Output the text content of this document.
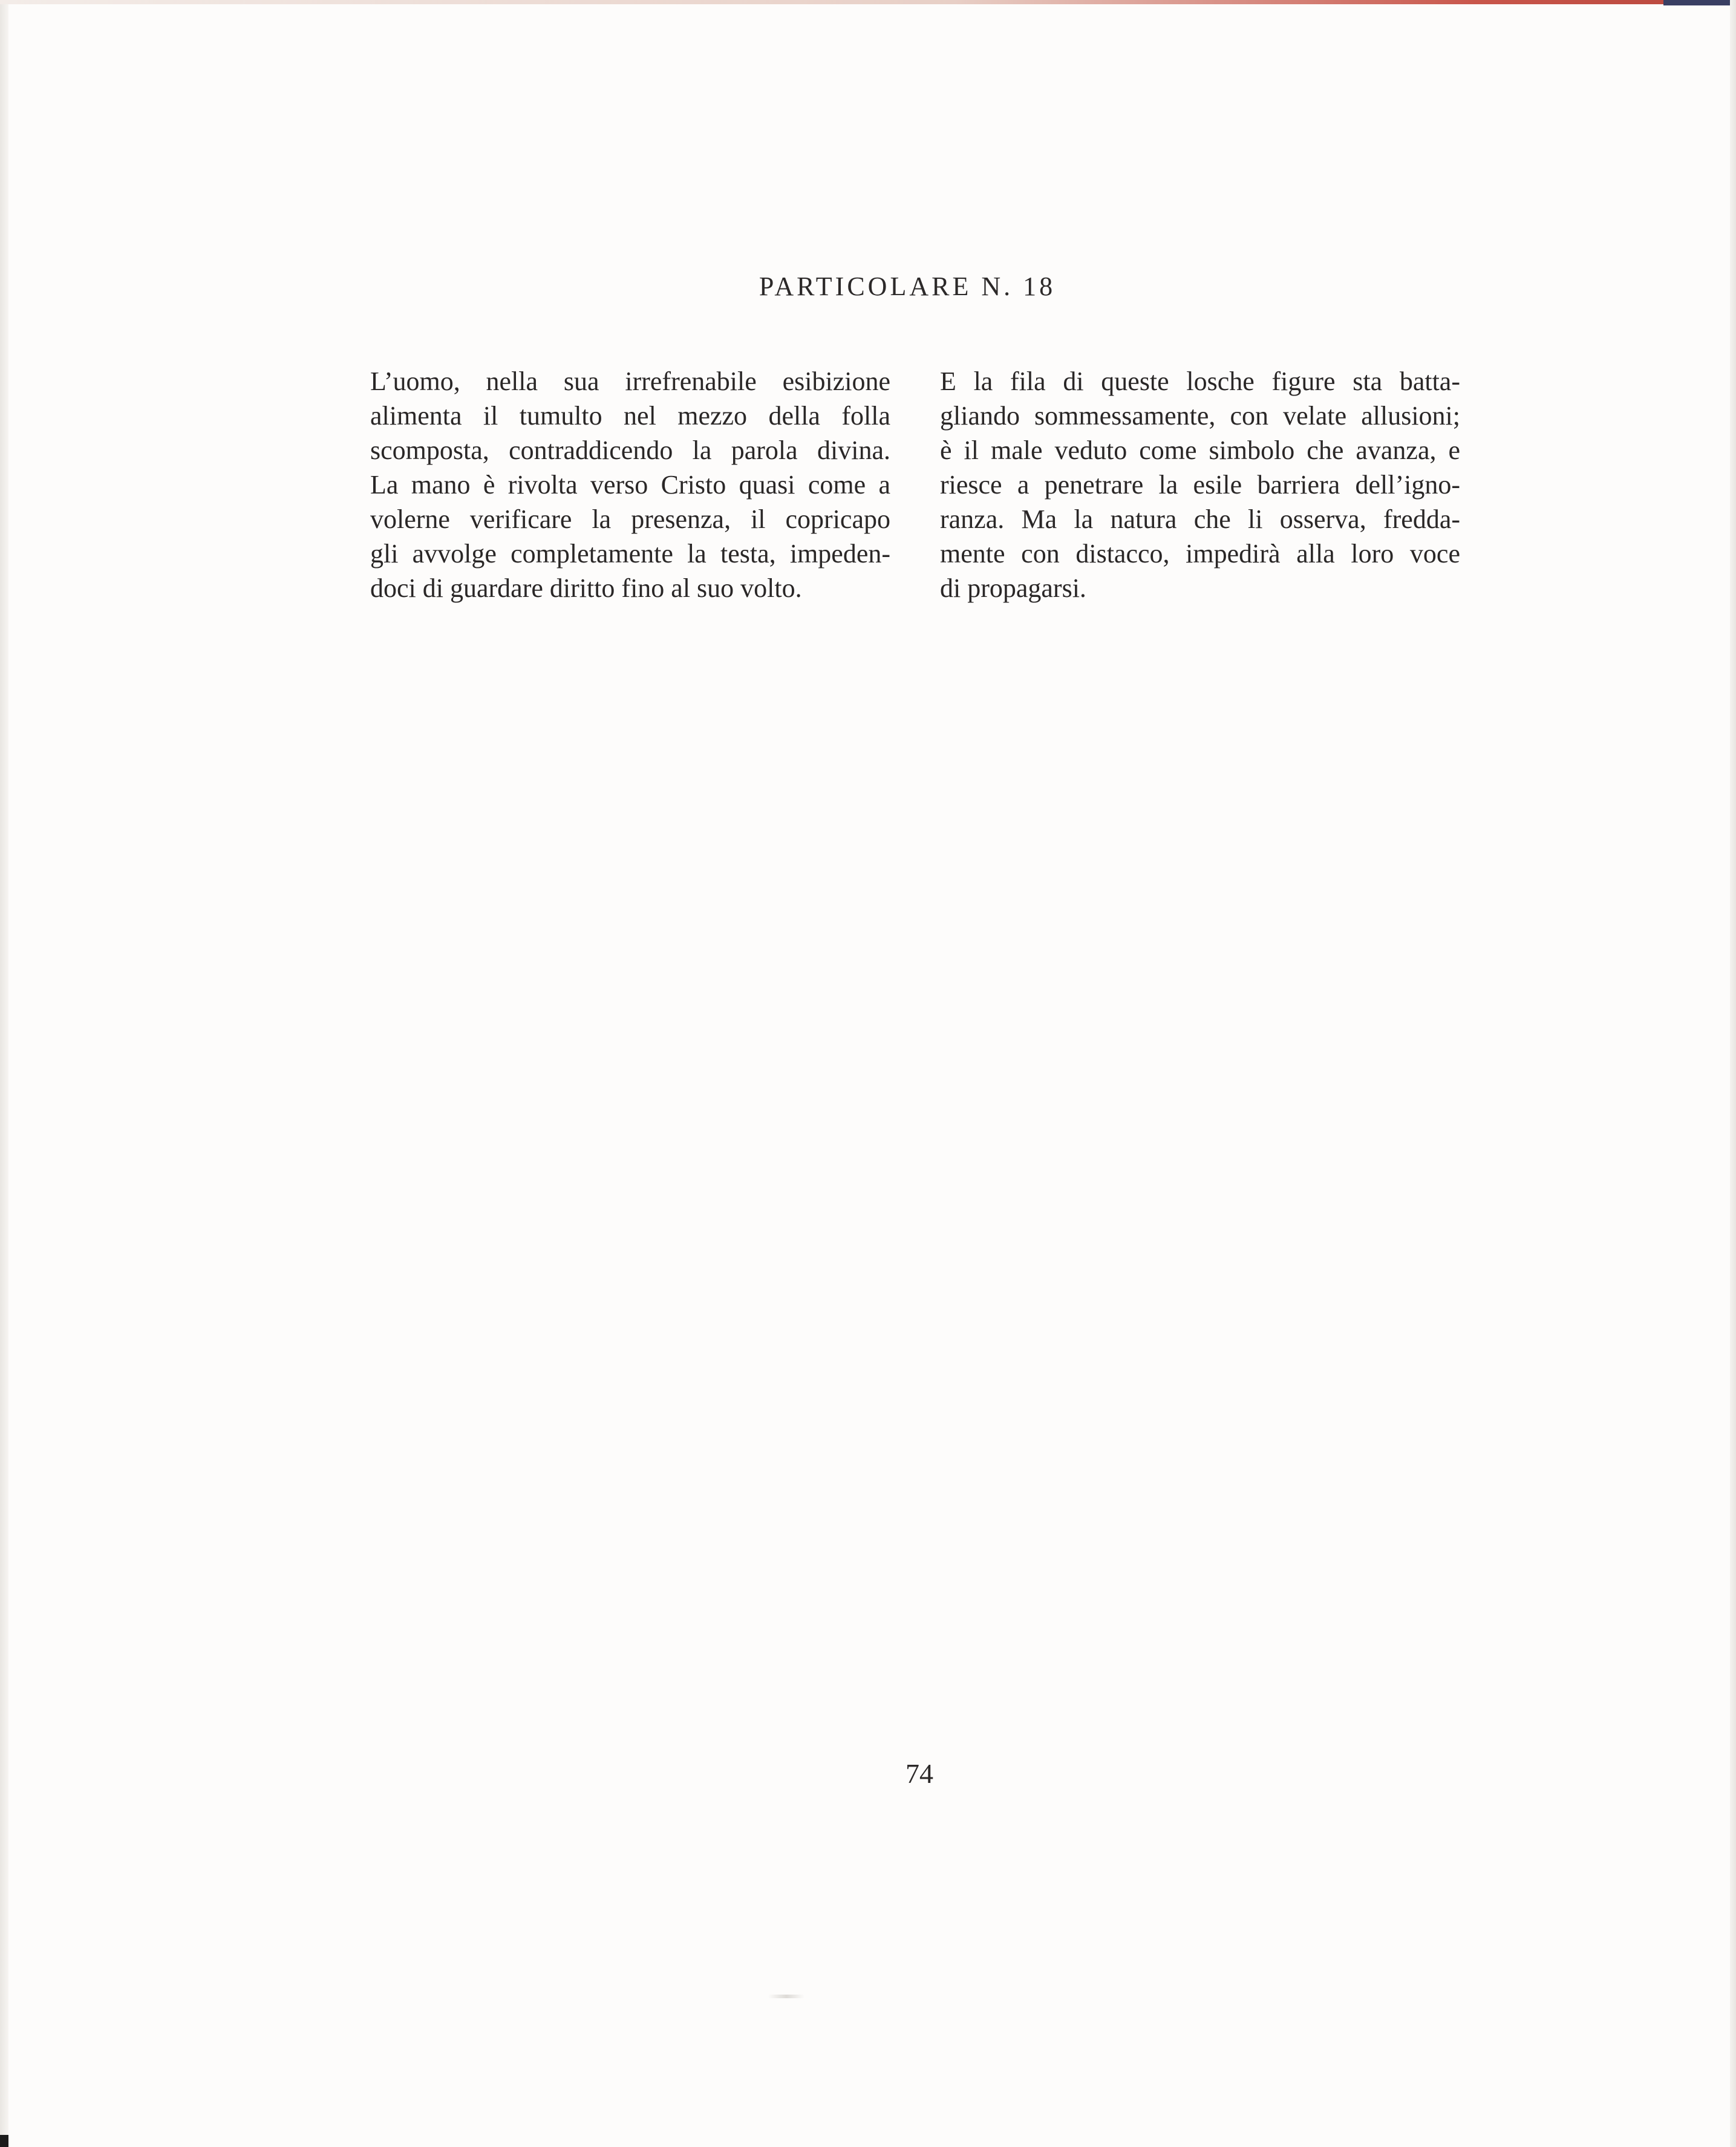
PARTICOLARE N. 18
L’uomo, nella sua irrefrenabile esibizione
alimenta il tumulto nel mezzo della folla
scomposta, contraddicendo la parola divina.
La mano è rivolta verso Cristo quasi come a
volerne verificare la presenza, il copricapo
gli avvolge completamente la testa, impeden-
doci di guardare diritto fino al suo volto.
E la fila di queste losche figure sta batta-
gliando sommessamente, con velate allusioni;
è il male veduto come simbolo che avanza, e
riesce a penetrare la esile barriera dell’igno-
ranza. Ma la natura che li osserva, fredda-
mente con distacco, impedirà alla loro voce
di propagarsi.
74
